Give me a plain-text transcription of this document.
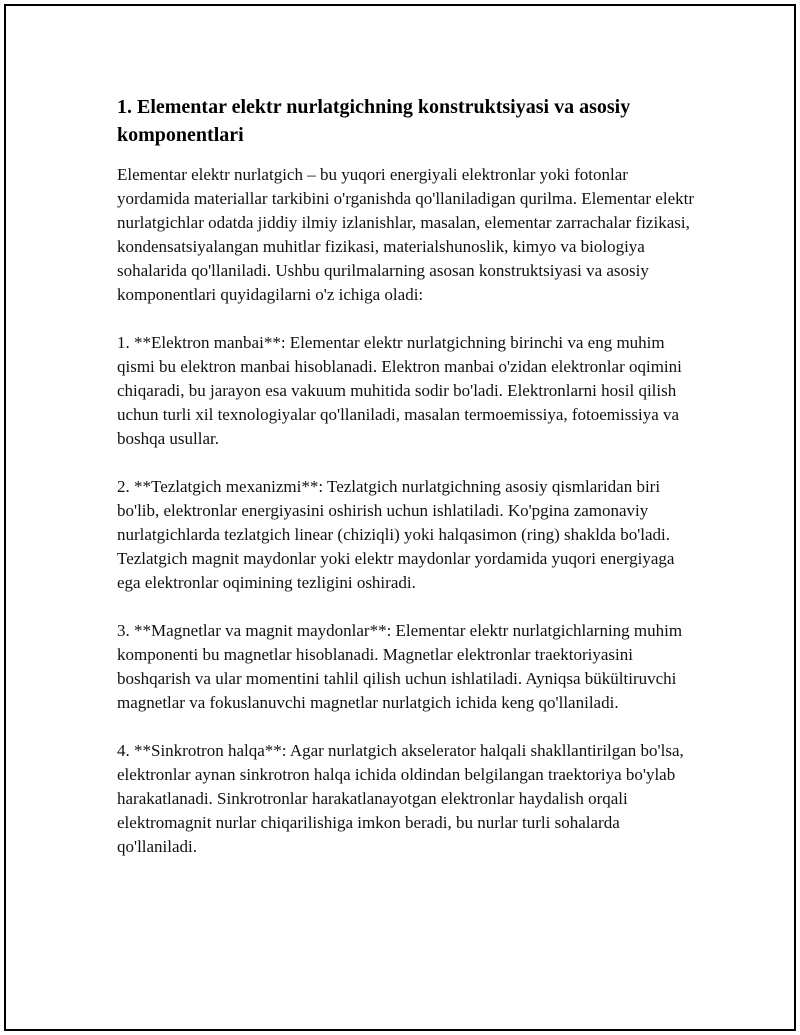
1. Elementar elektr nurlatgichning konstruktsiyasi va asosiy komponentlari

Elementar elektr nurlatgich – bu yuqori energiyali elektronlar yoki fotonlar yordamida materiallar tarkibini o'rganishda qo'llaniladigan qurilma. Elementar elektr nurlatgichlar odatda jiddiy ilmiy izlanishlar, masalan, elementar zarrachalar fizikasi, kondensatsiyalangan muhitlar fizikasi, materialshunoslik, kimyo va biologiya sohalarida qo'llaniladi. Ushbu qurilmalarning asosan konstruktsiyasi va asosiy komponentlari quyidagilarni o'z ichiga oladi:

1. **Elektron manbai**: Elementar elektr nurlatgichning birinchi va eng muhim qismi bu elektron manbai hisoblanadi. Elektron manbai o'zidan elektronlar oqimini chiqaradi, bu jarayon esa vakuum muhitida sodir bo'ladi. Elektronlarni hosil qilish uchun turli xil texnologiyalar qo'llaniladi, masalan termoemissiya, fotoemissiya va boshqa usullar.

2. **Tezlatgich mexanizmi**: Tezlatgich nurlatgichning asosiy qismlaridan biri bo'lib, elektronlar energiyasini oshirish uchun ishlatiladi. Ko'pgina zamonaviy nurlatgichlarda tezlatgich linear (chiziqli) yoki halqasimon (ring) shaklda bo'ladi. Tezlatgich magnit maydonlar yoki elektr maydonlar yordamida yuqori energiyaga ega elektronlar oqimining tezligini oshiradi.

3. **Magnetlar va magnit maydonlar**: Elementar elektr nurlatgichlarning muhim komponenti bu magnetlar hisoblanadi. Magnetlar elektronlar traektoriyasini boshqarish va ular momentini tahlil qilish uchun ishlatiladi. Ayniqsa bükültiruvchi magnetlar va fokuslanuvchi magnetlar nurlatgich ichida keng qo'llaniladi.

4. **Sinkrotron halqa**: Agar nurlatgich akselerator halqali shakllantirilgan bo'lsa, elektronlar aynan sinkrotron halqa ichida oldindan belgilangan traektoriya bo'ylab harakatlanadi. Sinkrotronlar harakatlanayotgan elektronlar haydalish orqali elektromagnit nurlar chiqarilishiga imkon beradi, bu nurlar turli sohalarda qo'llaniladi.
